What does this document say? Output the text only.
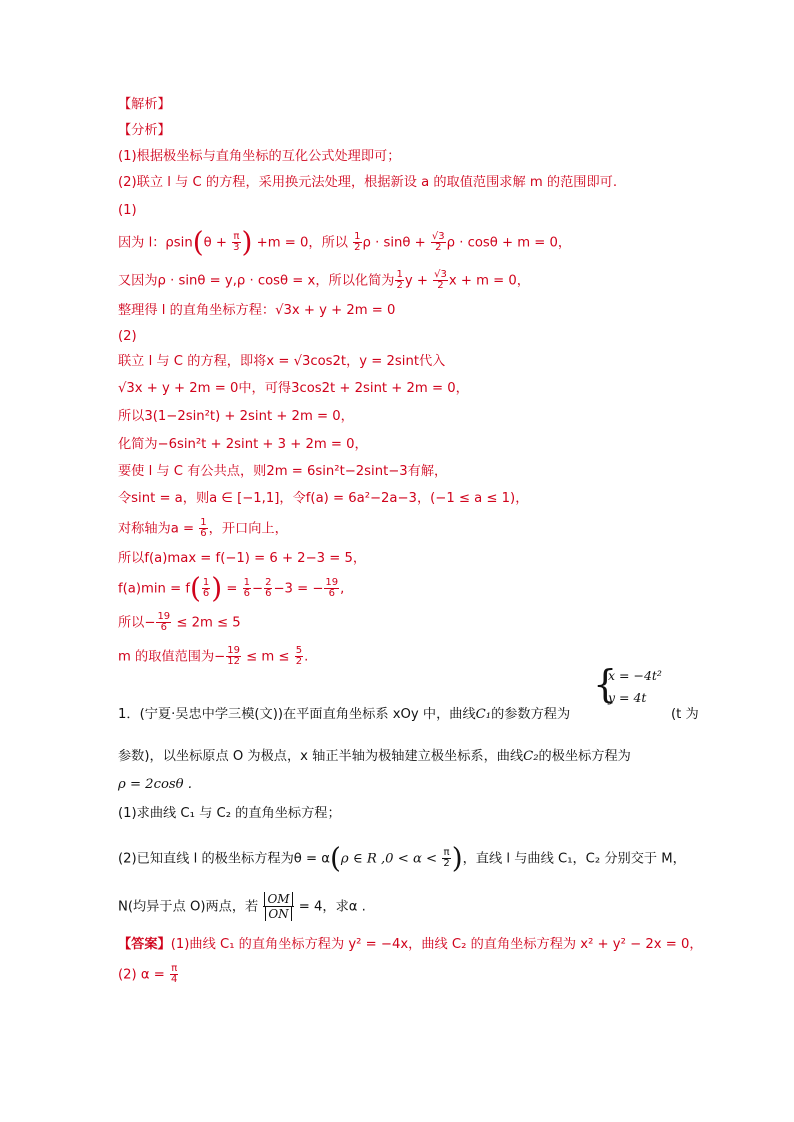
【解析】
【分析】
(1)根据极坐标与直角坐标的互化公式处理即可；
(2)联立 l 与 C 的方程，采用换元法处理，根据新设 a 的取值范围求解 m 的范围即可.
(1)
因为 l：$\rho\sin(\theta + \frac{\pi}{3}$ ) +m = 0，所以 $\frac{1}{2}$ $\rho \cdot \sin\theta + \frac{√3}{2}$ ρ · cosθ + m = 0，
又因为ρ · sinθ = y,ρ · cosθ = x，所以化简为 $\frac{1}{2}$ $y + \frac{√3}{2}$ x + m = 0，
整理得 l 的直角坐标方程：√3x + y + 2m = 0
(2)
联立 l 与 C 的方程，即将x = √3cos2t，y = 2sint代入
√3x + y + 2m = 0中，可得3cos2t + 2sint + 2m = 0，
所以3(1−2sin²t) + 2sint + 2m = 0，
化简为−6sin²t + 2sint + 3 + 2m = 0，
要使 l 与 C 有公共点，则2m = 6sin²t−2sint−3有解，
令sint = a，则a ∈ [−1,1]，令f(a) = 6a²−2a−3，(−1 ≤ a ≤ 1)，
对称轴为$a = \frac{1}{6}$ ，开口向上，
所以f(a)max = f(−1) = 6 + 2−3 = 5，
$f(a)\min = f( \frac{1}{6}$ ) = $\frac{1}{6} - \frac{2}{6} -3$ = − $\frac{19}{6}$ ,
所以− $\frac{19}{6} \le 2m \le 5$
m 的取值范围为− $\frac{19}{12} \le m \le \frac{5}{2}$ .
1．(宁夏·吴忠中学三模(文))在平面直角坐标系 xOy 中，曲线C₁的参数方程为
{
x = −4t²
y = 4t
(t 为
参数)，以坐标原点 O 为极点，x 轴正半轴为极轴建立极坐标系，曲线C₂的极坐标方程为
ρ = 2cosθ .
(1)求曲线 C₁ 与 C₂ 的直角坐标方程；
(2)已知直线 l 的极坐标方程为θ = α(ρ ∈ R $,0 < \alpha < \frac{\pi}{2}$ )，直线 l 与曲线 C₁，C₂ 分别交于 M，
N(均异于点 O)两点，若 $\frac{OM}{ON} = 4$，求α .
【答案】(1)曲线 C₁ 的直角坐标方程为 y² = −4x，曲线 C₂ 的直角坐标方程为 x² + y² − 2x = 0，
(2) $\alpha = \frac{\pi}{4}$
